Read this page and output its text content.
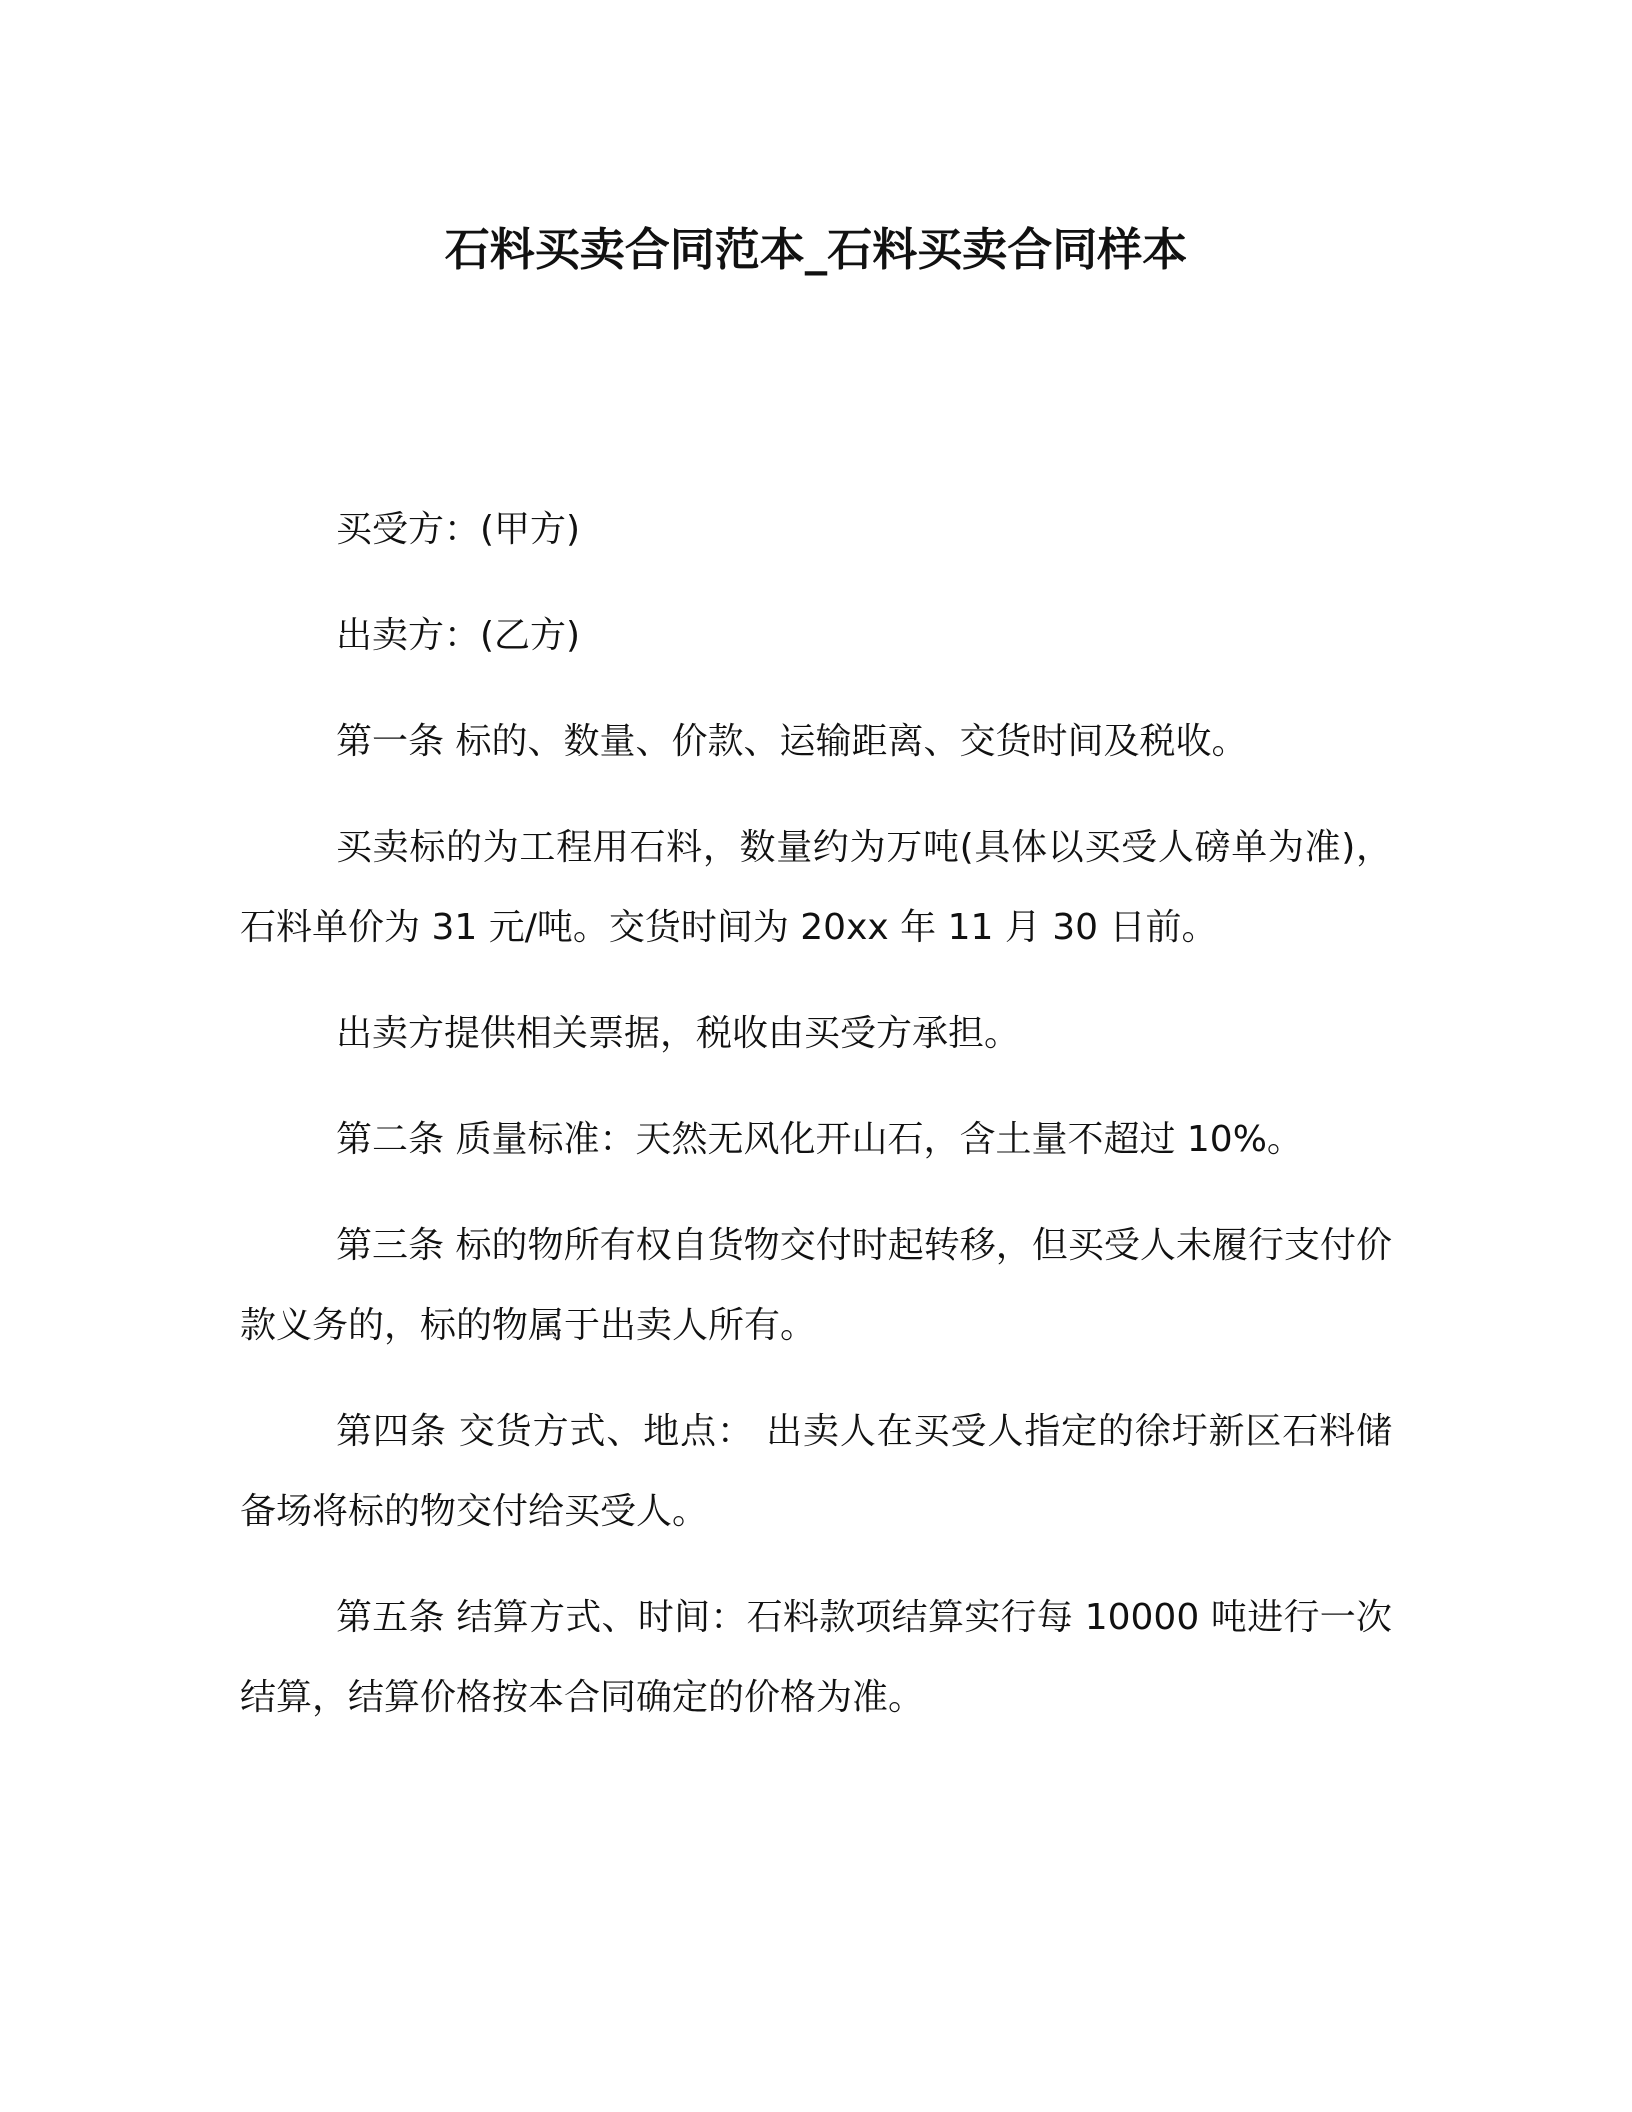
石料买卖合同范本_石料买卖合同样本

买受方：(甲方)

出卖方：(乙方)

第一条 标的、数量、价款、运输距离、交货时间及税收。

买卖标的为工程用石料，数量约为万吨(具体以买受人磅单为准)，石料单价为 31 元/吨。交货时间为 20xx 年 11 月 30 日前。

出卖方提供相关票据，税收由买受方承担。

第二条 质量标准：天然无风化开山石，含土量不超过 10%。

第三条 标的物所有权自货物交付时起转移，但买受人未履行支付价款义务的，标的物属于出卖人所有。

第四条 交货方式、地点： 出卖人在买受人指定的徐圩新区石料储备场将标的物交付给买受人。

第五条 结算方式、时间：石料款项结算实行每 10000 吨进行一次结算，结算价格按本合同确定的价格为准。
